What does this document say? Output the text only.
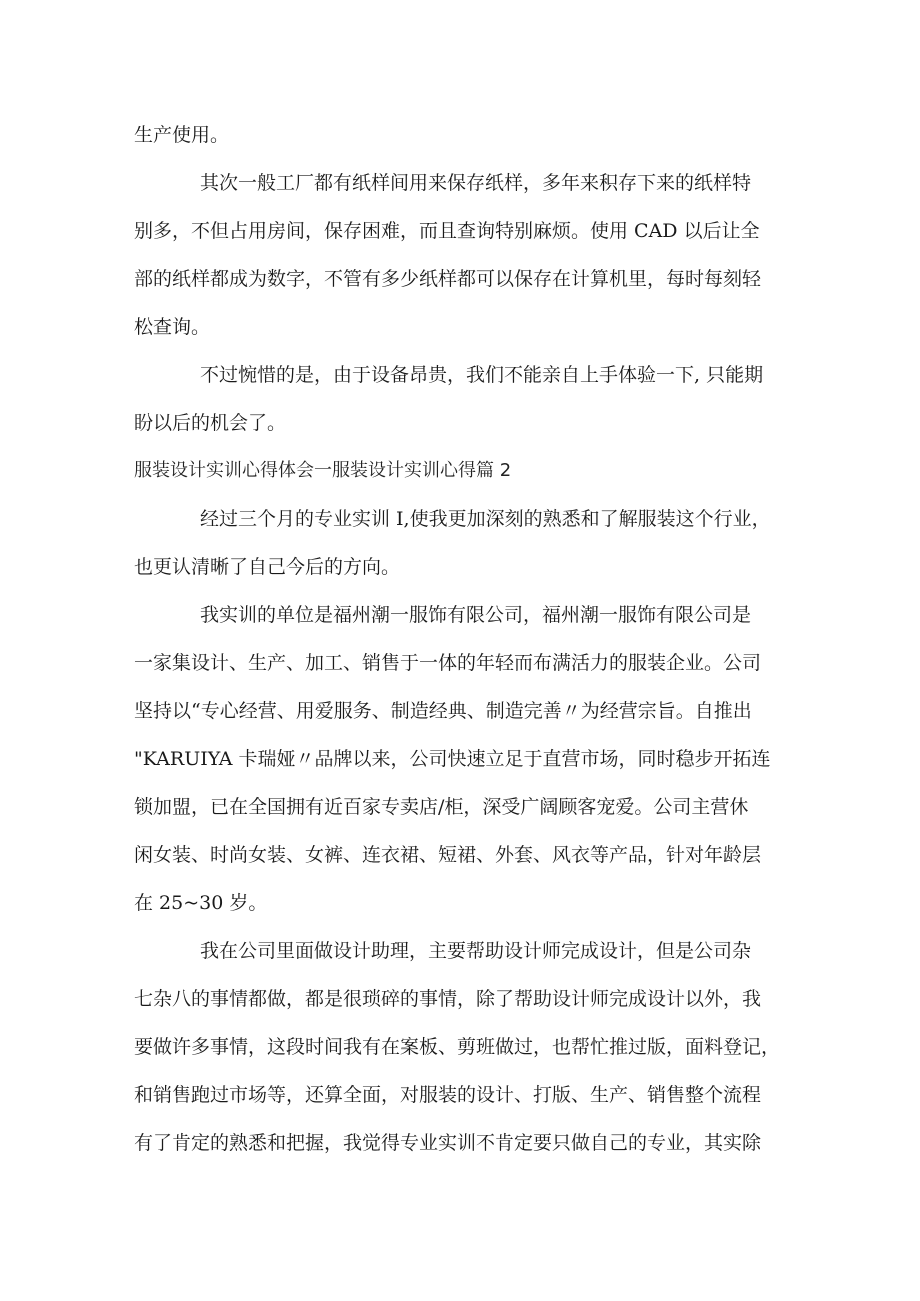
生产使用。

其次一般工厂都有纸样间用来保存纸样，多年来积存下来的纸样特

别多，不但占用房间，保存困难，而且查询特别麻烦。使用 CAD 以后让全

部的纸样都成为数字，不管有多少纸样都可以保存在计算机里，每时每刻轻

松查询。

不过惋惜的是，由于设备昂贵，我们不能亲自上手体验一下, 只能期

盼以后的机会了。

服装设计实训心得体会一服装设计实训心得篇 2

经过三个月的专业实训 I,使我更加深刻的熟悉和了解服装这个行业，

也更认清晰了自己今后的方向。

我实训的单位是福州潮一服饰有限公司，福州潮一服饰有限公司是

一家集设计、生产、加工、销售于一体的年轻而布满活力的服装企业。公司

坚持以“专心经营、用爱服务、制造经典、制造完善〃为经营宗旨。自推出

"KARUIYA 卡瑞娅〃品牌以来，公司快速立足于直营市场，同时稳步开拓连

锁加盟，已在全国拥有近百家专卖店/柜，深受广阔顾客宠爱。公司主营休

闲女装、时尚女装、女裤、连衣裙、短裙、外套、风衣等产品，针对年龄层

在 25~30 岁。

我在公司里面做设计助理，主要帮助设计师完成设计，但是公司杂

七杂八的事情都做，都是很琐碎的事情，除了帮助设计师完成设计以外，我

要做许多事情，这段时间我有在案板、剪班做过，也帮忙推过版，面料登记，

和销售跑过市场等，还算全面，对服装的设计、打版、生产、销售整个流程

有了肯定的熟悉和把握，我觉得专业实训不肯定要只做自己的专业，其实除
